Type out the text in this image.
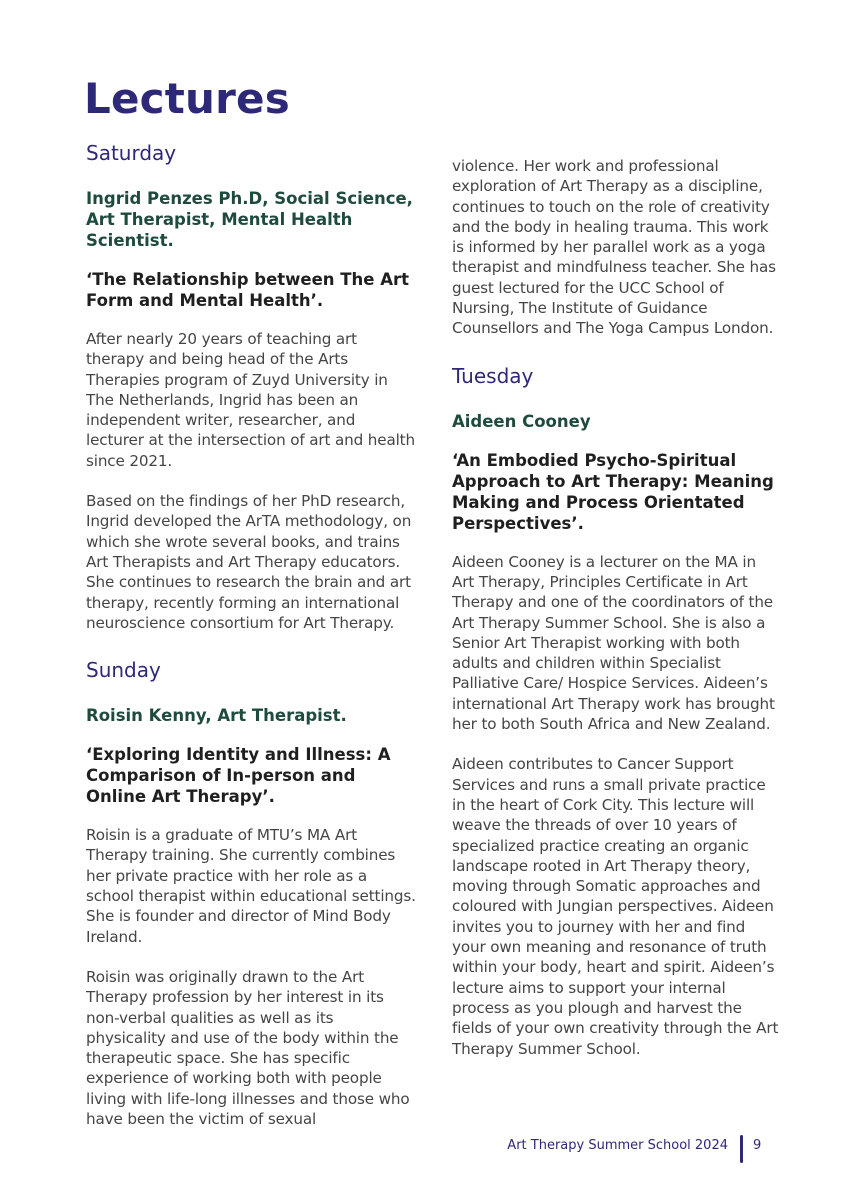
Lectures
Saturday

Ingrid Penzes Ph.D, Social Science, Art Therapist, Mental Health Scientist.

‘The Relationship between The Art Form and Mental Health’.

After nearly 20 years of teaching art therapy and being head of the Arts Therapies program of Zuyd University in The Netherlands, Ingrid has been an independent writer, researcher, and lecturer at the intersection of art and health since 2021.

Based on the findings of her PhD research, Ingrid developed the ArTA methodology, on which she wrote several books, and trains Art Therapists and Art Therapy educators. She continues to research the brain and art therapy, recently forming an international neuroscience consortium for Art Therapy.

Sunday

Roisin Kenny, Art Therapist.

‘Exploring Identity and Illness: A Comparison of In-person and Online Art Therapy’.

Roisin is a graduate of MTU’s MA Art Therapy training. She currently combines her private practice with her role as a school therapist within educational settings. She is founder and director of Mind Body Ireland.

Roisin was originally drawn to the Art Therapy profession by her interest in its non-verbal qualities as well as its physicality and use of the body within the therapeutic space. She has specific experience of working both with people living with life-long illnesses and those who have been the victim of sexual

violence. Her work and professional exploration of Art Therapy as a discipline, continues to touch on the role of creativity and the body in healing trauma. This work is informed by her parallel work as a yoga therapist and mindfulness teacher. She has guest lectured for the UCC School of Nursing, The Institute of Guidance Counsellors and The Yoga Campus London.

Tuesday

Aideen Cooney

‘An Embodied Psycho-Spiritual Approach to Art Therapy: Meaning Making and Process Orientated Perspectives’.

Aideen Cooney is a lecturer on the MA in Art Therapy, Principles Certificate in Art Therapy and one of the coordinators of the Art Therapy Summer School. She is also a Senior Art Therapist working with both adults and children within Specialist Palliative Care/ Hospice Services. Aideen’s international Art Therapy work has brought her to both South Africa and New Zealand.

Aideen contributes to Cancer Support Services and runs a small private practice in the heart of Cork City. This lecture will weave the threads of over 10 years of specialized practice creating an organic landscape rooted in Art Therapy theory, moving through Somatic approaches and coloured with Jungian perspectives. Aideen invites you to journey with her and find your own meaning and resonance of truth within your body, heart and spirit. Aideen’s lecture aims to support your internal process as you plough and harvest the fields of your own creativity through the Art Therapy Summer School.

Art Therapy Summer School 2024 9
